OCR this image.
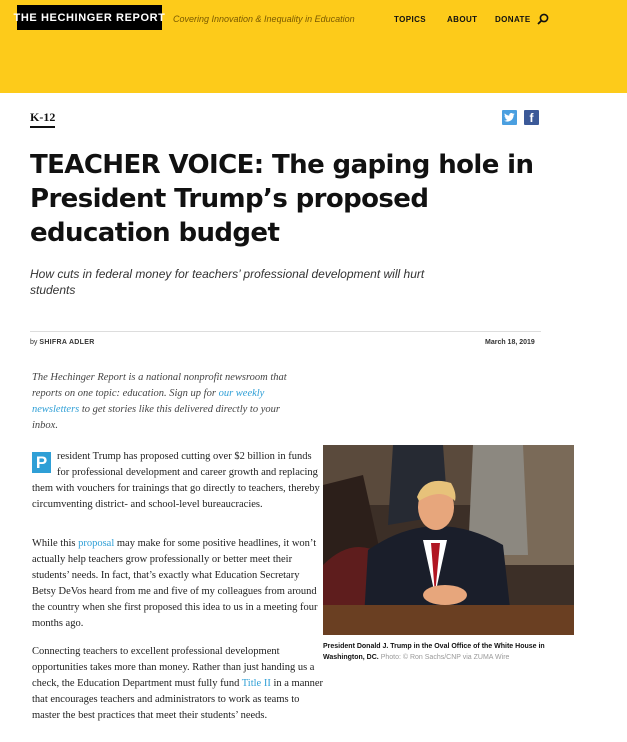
THE HECHINGER REPORT Covering Innovation & Inequality in Education	TOPICS	ABOUT DONATE
K-12	f
TEACHER VOICE: The gaping hole in President Trump’s proposed education budget

How cuts in federal money for teachers’ professional development will hurt students

by SHIFRA ADLER	March 18, 2019

The Hechinger Report is a national nonprofit newsroom that reports on one topic: education. Sign up for our weekly newsletters to get stories like this delivered directly to your inbox.

P resident Trump has proposed cutting over $2 billion in funds for professional development and career growth and replacing them with vouchers for trainings that go directly to teachers, thereby circumventing district- and school-level bureaucracies.

While this proposal may make for some positive headlines, it won’t actually help teachers grow professionally or better meet their students’ needs. In fact, that’s exactly what Education Secretary Betsy DeVos heard from me and five of my colleagues from around the country when she first proposed this idea to us in a meeting four months ago.

Connecting teachers to excellent professional development opportunities takes more than money. Rather than just handing us a check, the Education Department must fully fund Title II in a manner that encourages teachers and administrators to work as teams to master the best practices that meet their students’ needs.

President Donald J. Trump in the Oval Office of the White House in Washington, DC. Photo: © Ron Sachs/CNP via ZUMA Wire
